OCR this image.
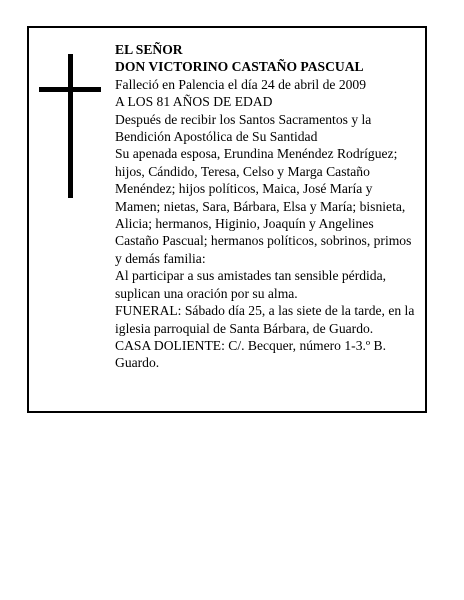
EL SEÑOR

DON VICTORINO CASTAÑO PASCUAL

Falleció en Palencia el día 24 de abril de 2009

A LOS 81 AÑOS DE EDAD

Después de recibir los Santos Sacramentos y la Bendición Apostólica de Su Santidad

Su apenada esposa, Erundina Menéndez Rodríguez; hijos, Cándido, Teresa, Celso y Marga Castaño Menéndez; hijos políticos, Maica, José María y Mamen; nietas, Sara, Bárbara, Elsa y María; bisnieta, Alicia; hermanos, Higinio, Joaquín y Angelines Castaño Pascual; hermanos políticos, sobrinos, primos y demás familia:

Al participar a sus amistades tan sensible pérdida, suplican una oración por su alma.

FUNERAL: Sábado día 25, a las siete de la tarde, en la iglesia parroquial de Santa Bárbara, de Guardo.

CASA DOLIENTE: C/. Becquer, número 1-3.º B. Guardo.
